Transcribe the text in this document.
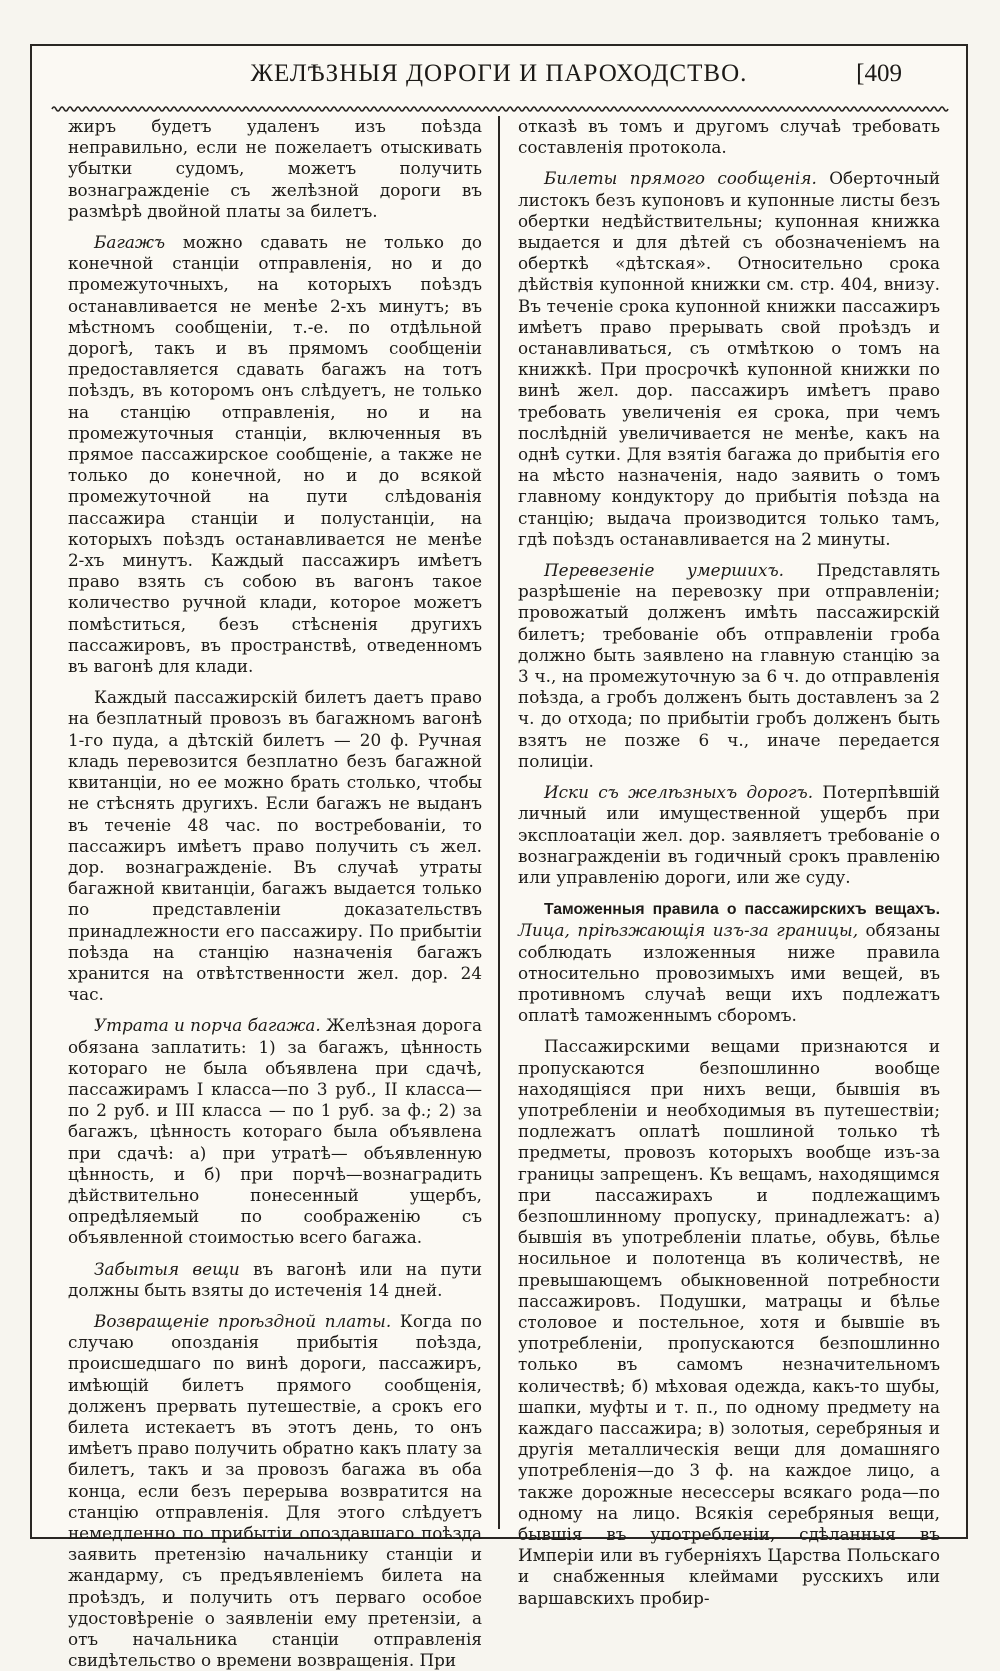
ЖЕЛѢЗНЫЯ ДОРОГИ И ПАРОХОДСТВО.	[409

жиръ будетъ удаленъ изъ поѣзда неправильно, если не пожелаетъ отыскивать убытки судомъ, можетъ получить вознагражденіе съ желѣзной дороги въ размѣрѣ двойной платы за билетъ.

Багажъ можно сдавать не только до конечной станціи отправленія, но и до промежуточныхъ, на которыхъ поѣздъ останавливается не менѣе 2-хъ минутъ; въ мѣстномъ сообщеніи, т.-е. по отдѣльной дорогѣ, такъ и въ прямомъ сообщеніи предоставляется сдавать багажъ на тотъ поѣздъ, въ которомъ онъ слѣдуетъ, не только на станцію отправленія, но и на промежуточныя станціи, включенныя въ прямое пассажирское сообщеніе, а также не только до конечной, но и до всякой промежуточной на пути слѣдованія пассажира станціи и полустанціи, на которыхъ поѣздъ останавливается не менѣе 2-хъ минутъ. Каждый пассажиръ имѣетъ право взять съ собою въ вагонъ такое количество ручной клади, которое можетъ помѣститься, безъ стѣсненія другихъ пассажировъ, въ пространствѣ, отведенномъ въ вагонѣ для клади.

Каждый пассажирскій билетъ даетъ право на безплатный провозъ въ багажномъ вагонѣ 1-го пуда, а дѣтскій билетъ — 20 ф. Ручная кладь перевозится безплатно безъ багажной квитанціи, но ее можно брать столько, чтобы не стѣснять другихъ. Если багажъ не выданъ въ теченіе 48 час. по востребованіи, то пассажиръ имѣетъ право получить съ жел. дор. вознагражденіе. Въ случаѣ утраты багажной квитанціи, багажъ выдается только по представленіи доказательствъ принадлежности его пассажиру. По прибытіи поѣзда на станцію назначенія багажъ хранится на отвѣтственности жел. дор. 24 час.

Утрата и порча багажа. Желѣзная дорога обязана заплатить: 1) за багажъ, цѣнность котораго не была объявлена при сдачѣ, пассажирамъ I класса—по 3 руб., II класса—по 2 руб. и III класса — по 1 руб. за ф.; 2) за багажъ, цѣнность котораго была объявлена при сдачѣ: а) при утратѣ— объявленную цѣнность, и б) при порчѣ—вознаградить дѣйствительно понесенный ущербъ, опредѣляемый по соображенію съ объявленной стоимостью всего багажа.

Забытыя вещи въ вагонѣ или на пути должны быть взяты до истеченія 14 дней.

Возвращеніе проѣздной платы. Когда по случаю опозданія прибытія поѣзда, происшедшаго по винѣ дороги, пассажиръ, имѣющій билетъ прямого сообщенія, долженъ прервать путешествіе, а срокъ его билета истекаетъ въ этотъ день, то онъ имѣетъ право получить обратно какъ плату за билетъ, такъ и за провозъ багажа въ оба конца, если безъ перерыва возвратится на станцію отправленія. Для этого слѣдуетъ немедленно по прибытіи опоздавшаго поѣзда заявить претензію начальнику станціи и жандарму, съ предъявленіемъ билета на проѣздъ, и получить отъ перваго особое удостовѣреніе о заявленіи ему претензіи, а отъ начальника станціи отправленія свидѣтельство о времени возвращенія. При

отказѣ въ томъ и другомъ случаѣ требовать составленія протокола.

Билеты прямого сообщенія. Оберточный листокъ безъ купоновъ и купонные листы безъ обертки недѣйствительны; купонная книжка выдается и для дѣтей съ обозначеніемъ на оберткѣ «дѣтская». Относительно срока дѣйствія купонной книжки см. стр. 404, внизу. Въ теченіе срока купонной книжки пассажиръ имѣетъ право прерывать свой проѣздъ и останавливаться, съ отмѣткою о томъ на книжкѣ. При просрочкѣ купонной книжки по винѣ жел. дор. пассажиръ имѣетъ право требовать увеличенія ея срока, при чемъ послѣдній увеличивается не менѣе, какъ на однѣ сутки. Для взятія багажа до прибытія его на мѣсто назначенія, надо заявить о томъ главному кондуктору до прибытія поѣзда на станцію; выдача производится только тамъ, гдѣ поѣздъ останавливается на 2 минуты.

Перевезеніе умершихъ. Представлять разрѣшеніе на перевозку при отправленіи; провожатый долженъ имѣть пассажирскій билетъ; требованіе объ отправленіи гроба должно быть заявлено на главную станцію за 3 ч., на промежуточную за 6 ч. до отправленія поѣзда, а гробъ долженъ быть доставленъ за 2 ч. до отхода; по прибытіи гробъ долженъ быть взятъ не позже 6 ч., иначе передается полиціи.

Иски съ желѣзныхъ дорогъ. Потерпѣвшій личный или имущественной ущербъ при эксплоатаціи жел. дор. заявляетъ требованіе о вознагражденіи въ годичный срокъ правленію или управленію дороги, или же суду.

Таможенныя правила о пассажирскихъ вещахъ. Лица, пріѣзжающія изъ-за границы, обязаны соблюдать изложенныя ниже правила относительно провозимыхъ ими вещей, въ противномъ случаѣ вещи ихъ подлежатъ оплатѣ таможеннымъ сборомъ.

Пассажирскими вещами признаются и пропускаются безпошлинно вообще находящіяся при нихъ вещи, бывшія въ употребленіи и необходимыя въ путешествіи; подлежатъ оплатѣ пошлиной только тѣ предметы, провозъ которыхъ вообще изъ-за границы запрещенъ. Къ вещамъ, находящимся при пассажирахъ и подлежащимъ безпошлинному пропуску, принадлежатъ: а) бывшія въ употребленіи платье, обувь, бѣлье носильное и полотенца въ количествѣ, не превышающемъ обыкновенной потребности пассажировъ. Подушки, матрацы и бѣлье столовое и постельное, хотя и бывшіе въ употребленіи, пропускаются безпошлинно только въ самомъ незначительномъ количествѣ; б) мѣховая одежда, какъ-то шубы, шапки, муфты и т. п., по одному предмету на каждаго пассажира; в) золотыя, серебряныя и другія металлическія вещи для домашняго употребленія—до 3 ф. на каждое лицо, а также дорожные несессеры всякаго рода—по одному на лицо. Всякія серебряныя вещи, бывшія въ употребленіи, сдѣланныя въ Имперіи или въ губерніяхъ Царства Польскаго и снабженныя клеймами русскихъ или варшавскихъ пробир-
